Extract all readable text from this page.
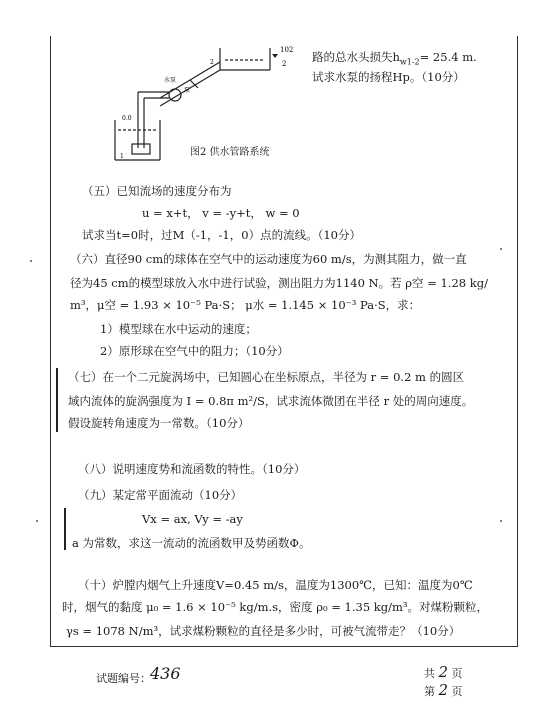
路的总水头损失$h_{w1-2}= 25.4$ m.
试求水泵的扬程Hp。（10分）
102
2
2
水泵
泵
0.0
1	图2 供水管路系统
（五）已知流场的速度分布为
u = x+t， v = -y+t， w = 0
试求当t=0时，过M（-1，-1，0）点的流线。（10分）
（六）直径90 cm的球体在空气中的运动速度为60 m/s，为测其阻力，做一直
径为45 cm的模型球放入水中进行试验，测出阻力为1140 N。若 ρ空 = 1.28 kg/
m³，μ空 = 1.93 × 10⁻⁵ Pa·S； μ水 = 1.145 × 10⁻³ Pa·S，求：
1）模型球在水中运动的速度；
2）原形球在空气中的阻力；（10分）
（七）在一个二元旋涡场中，已知圆心在坐标原点，半径为 r = 0.2 m 的圆区
域内流体的旋涡强度为 I = 0.8π m²/S，试求流体微团在半径 r 处的周向速度。
假设旋转角速度为一常数。（10分）
（八）说明速度势和流函数的特性。（10分）
（九）某定常平面流动（10分）
Vx = ax, Vy = -ay
a 为常数，求这一流动的流函数甲及势函数Φ。
（十）炉膛内烟气上升速度V=0.45 m/s，温度为1300℃，已知：温度为0℃
时，烟气的黏度 μ₀ = 1.6 × 10⁻⁵ kg/m.s，密度 ρ₀ = 1.35 kg/m³。对煤粉颗粒，
γs = 1078 N/m³，试求煤粉颗粒的直径是多少时，可被气流带走？（10分）
试题编号： 436	共 2 页
第 2 页
